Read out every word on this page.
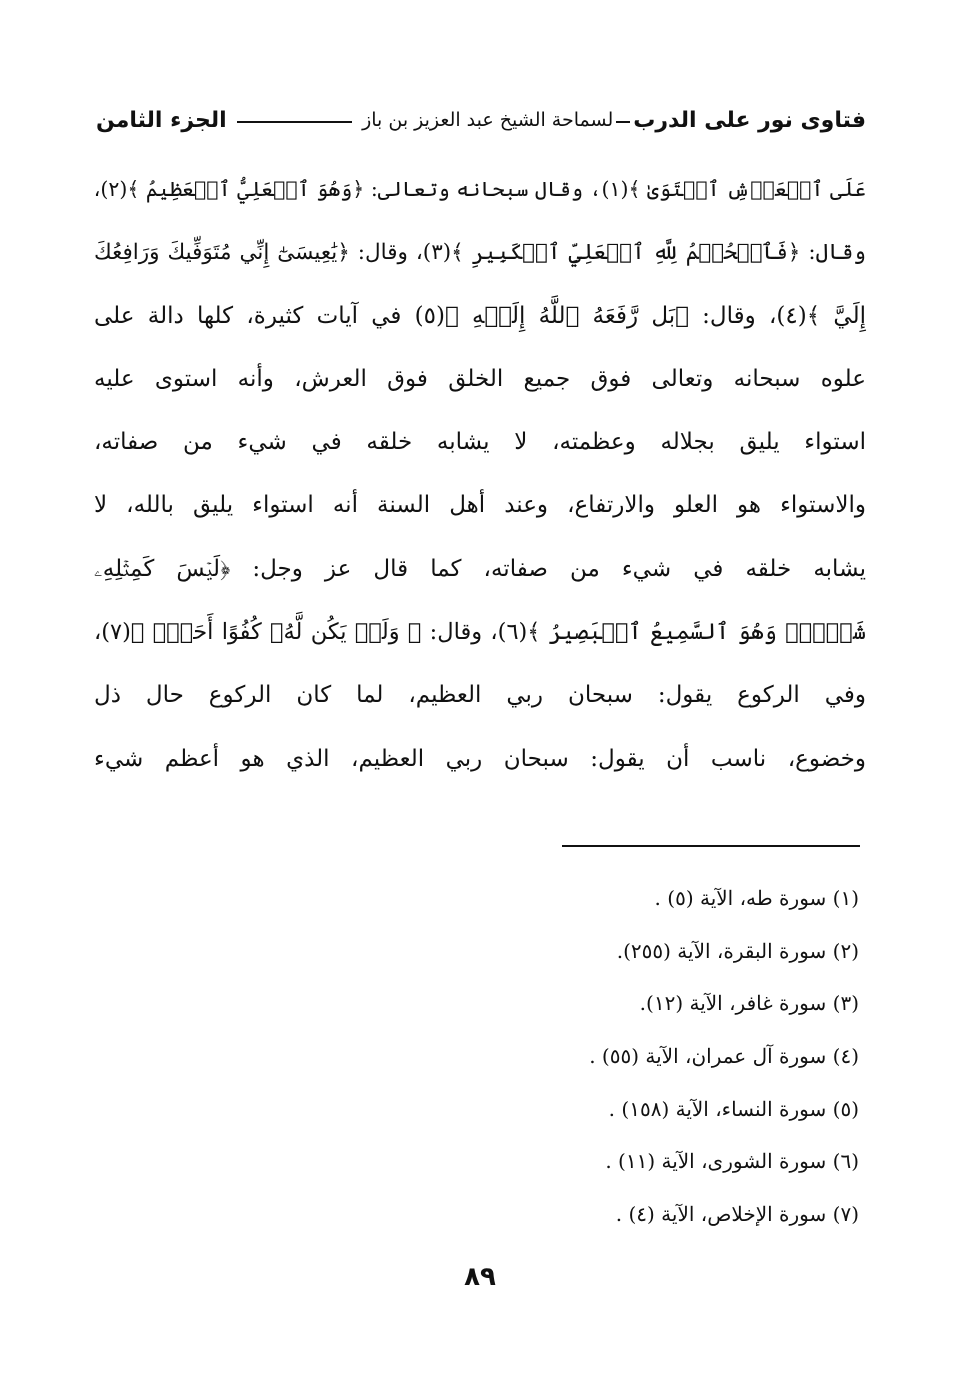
فتاوى نور على الدرب
لسماحة الشيخ عبد العزيز بن باز
الجزء الثامن
عَلَى ٱلۡعَرۡشِ ٱسۡتَوَىٰ ﴾(١)، وقال سبحانه وتعالى: ﴿وَهُوَ ٱلۡعَلِيُّ ٱلۡعَظِيمُ ﴾(٢)،
وقال: ﴿فَٱلۡحُكۡمُ لِلَّهِ ٱلۡعَلِيِّ ٱلۡكَبِيرِ ﴾(٣)، وقال: ﴿يَٰعِيسَىٰٓ إِنِّي مُتَوَفِّيكَ وَرَافِعُكَ
إِلَيَّ ﴾(٤)، وقال: ﴿بَل رَّفَعَهُ ٱللَّهُ إِلَيۡهِ ﴾(٥) في آيات كثيرة، كلها دالة على
علوه سبحانه وتعالى فوق جميع الخلق فوق العرش، وأنه استوى عليه
استواء يليق بجلاله وعظمته، لا يشابه خلقه في شيء من صفاته،
والاستواء هو العلو والارتفاع، وعند أهل السنة أنه استواء يليق بالله، لا
يشابه خلقه في شيء من صفاته، كما قال عز وجل: ﴿لَيۡسَ كَمِثۡلِهِۦ
شَيۡءٞۖ وَهُوَ ٱلسَّمِيعُ ٱلۡبَصِيرُ ﴾(٦)، وقال: ﴿ وَلَمۡ يَكُن لَّهُۥ كُفُوًا أَحَدُۢ ﴾(٧)،
وفي الركوع يقول: سبحان ربي العظيم، لما كان الركوع حال ذل
وخضوع، ناسب أن يقول: سبحان ربي العظيم، الذي هو أعظم شيء
(١) سورة طه، الآية (٥) .
(٢) سورة البقرة، الآية (٢٥٥).
(٣) سورة غافر، الآية (١٢).
(٤) سورة آل عمران، الآية (٥٥) .
(٥) سورة النساء، الآية (١٥٨) .
(٦) سورة الشورى، الآية (١١) .
(٧) سورة الإخلاص، الآية (٤) .
٨٩
